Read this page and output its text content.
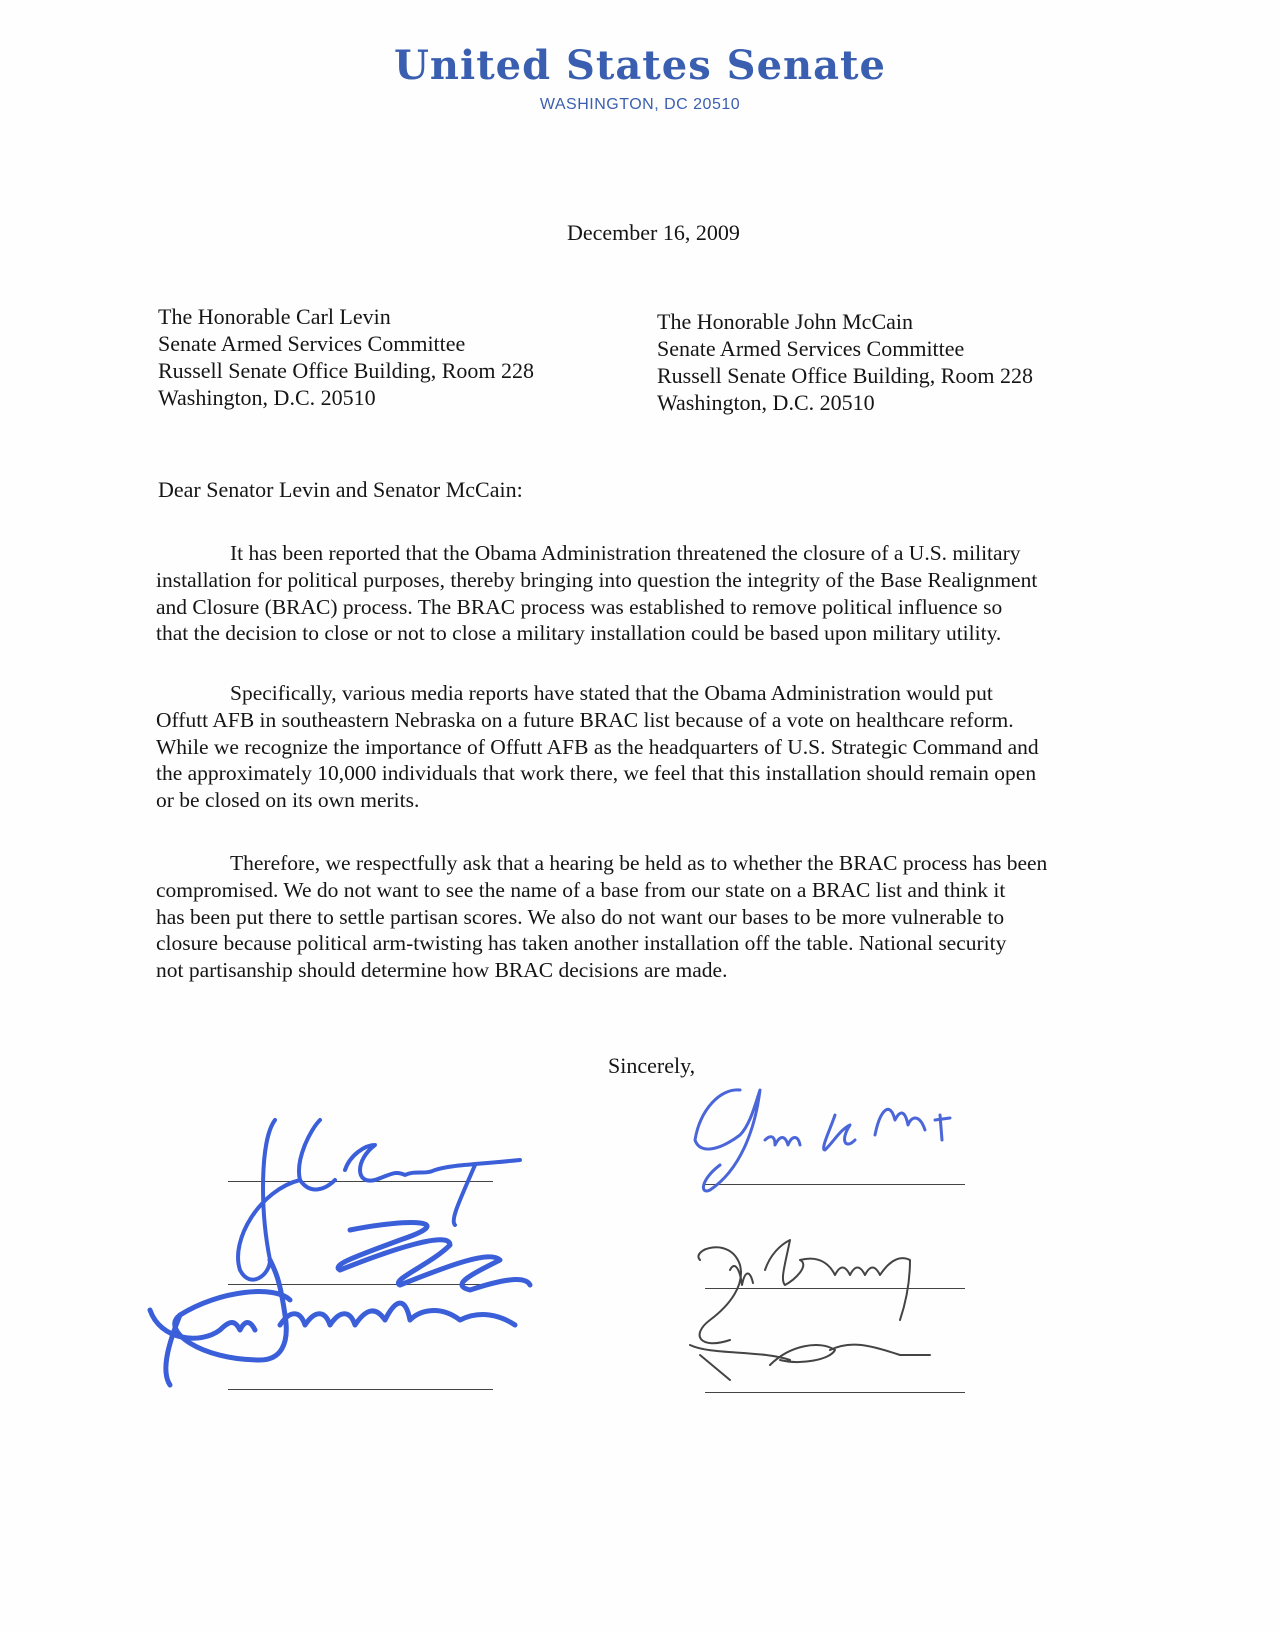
United States Senate
WASHINGTON, DC 20510
December 16, 2009
The Honorable Carl Levin
Senate Armed Services Committee
Russell Senate Office Building, Room 228
Washington, D.C. 20510
The Honorable John McCain
Senate Armed Services Committee
Russell Senate Office Building, Room 228
Washington, D.C. 20510
Dear Senator Levin and Senator McCain:
It has been reported that the Obama Administration threatened the closure of a U.S. military
installation for political purposes, thereby bringing into question the integrity of the Base Realignment
and Closure (BRAC) process. The BRAC process was established to remove political influence so
that the decision to close or not to close a military installation could be based upon military utility.
Specifically, various media reports have stated that the Obama Administration would put
Offutt AFB in southeastern Nebraska on a future BRAC list because of a vote on healthcare reform.
While we recognize the importance of Offutt AFB as the headquarters of U.S. Strategic Command and
the approximately 10,000 individuals that work there, we feel that this installation should remain open
or be closed on its own merits.
Therefore, we respectfully ask that a hearing be held as to whether the BRAC process has been
compromised. We do not want to see the name of a base from our state on a BRAC list and think it
has been put there to settle partisan scores. We also do not want our bases to be more vulnerable to
closure because political arm-twisting has taken another installation off the table. National security
not partisanship should determine how BRAC decisions are made.
Sincerely,
